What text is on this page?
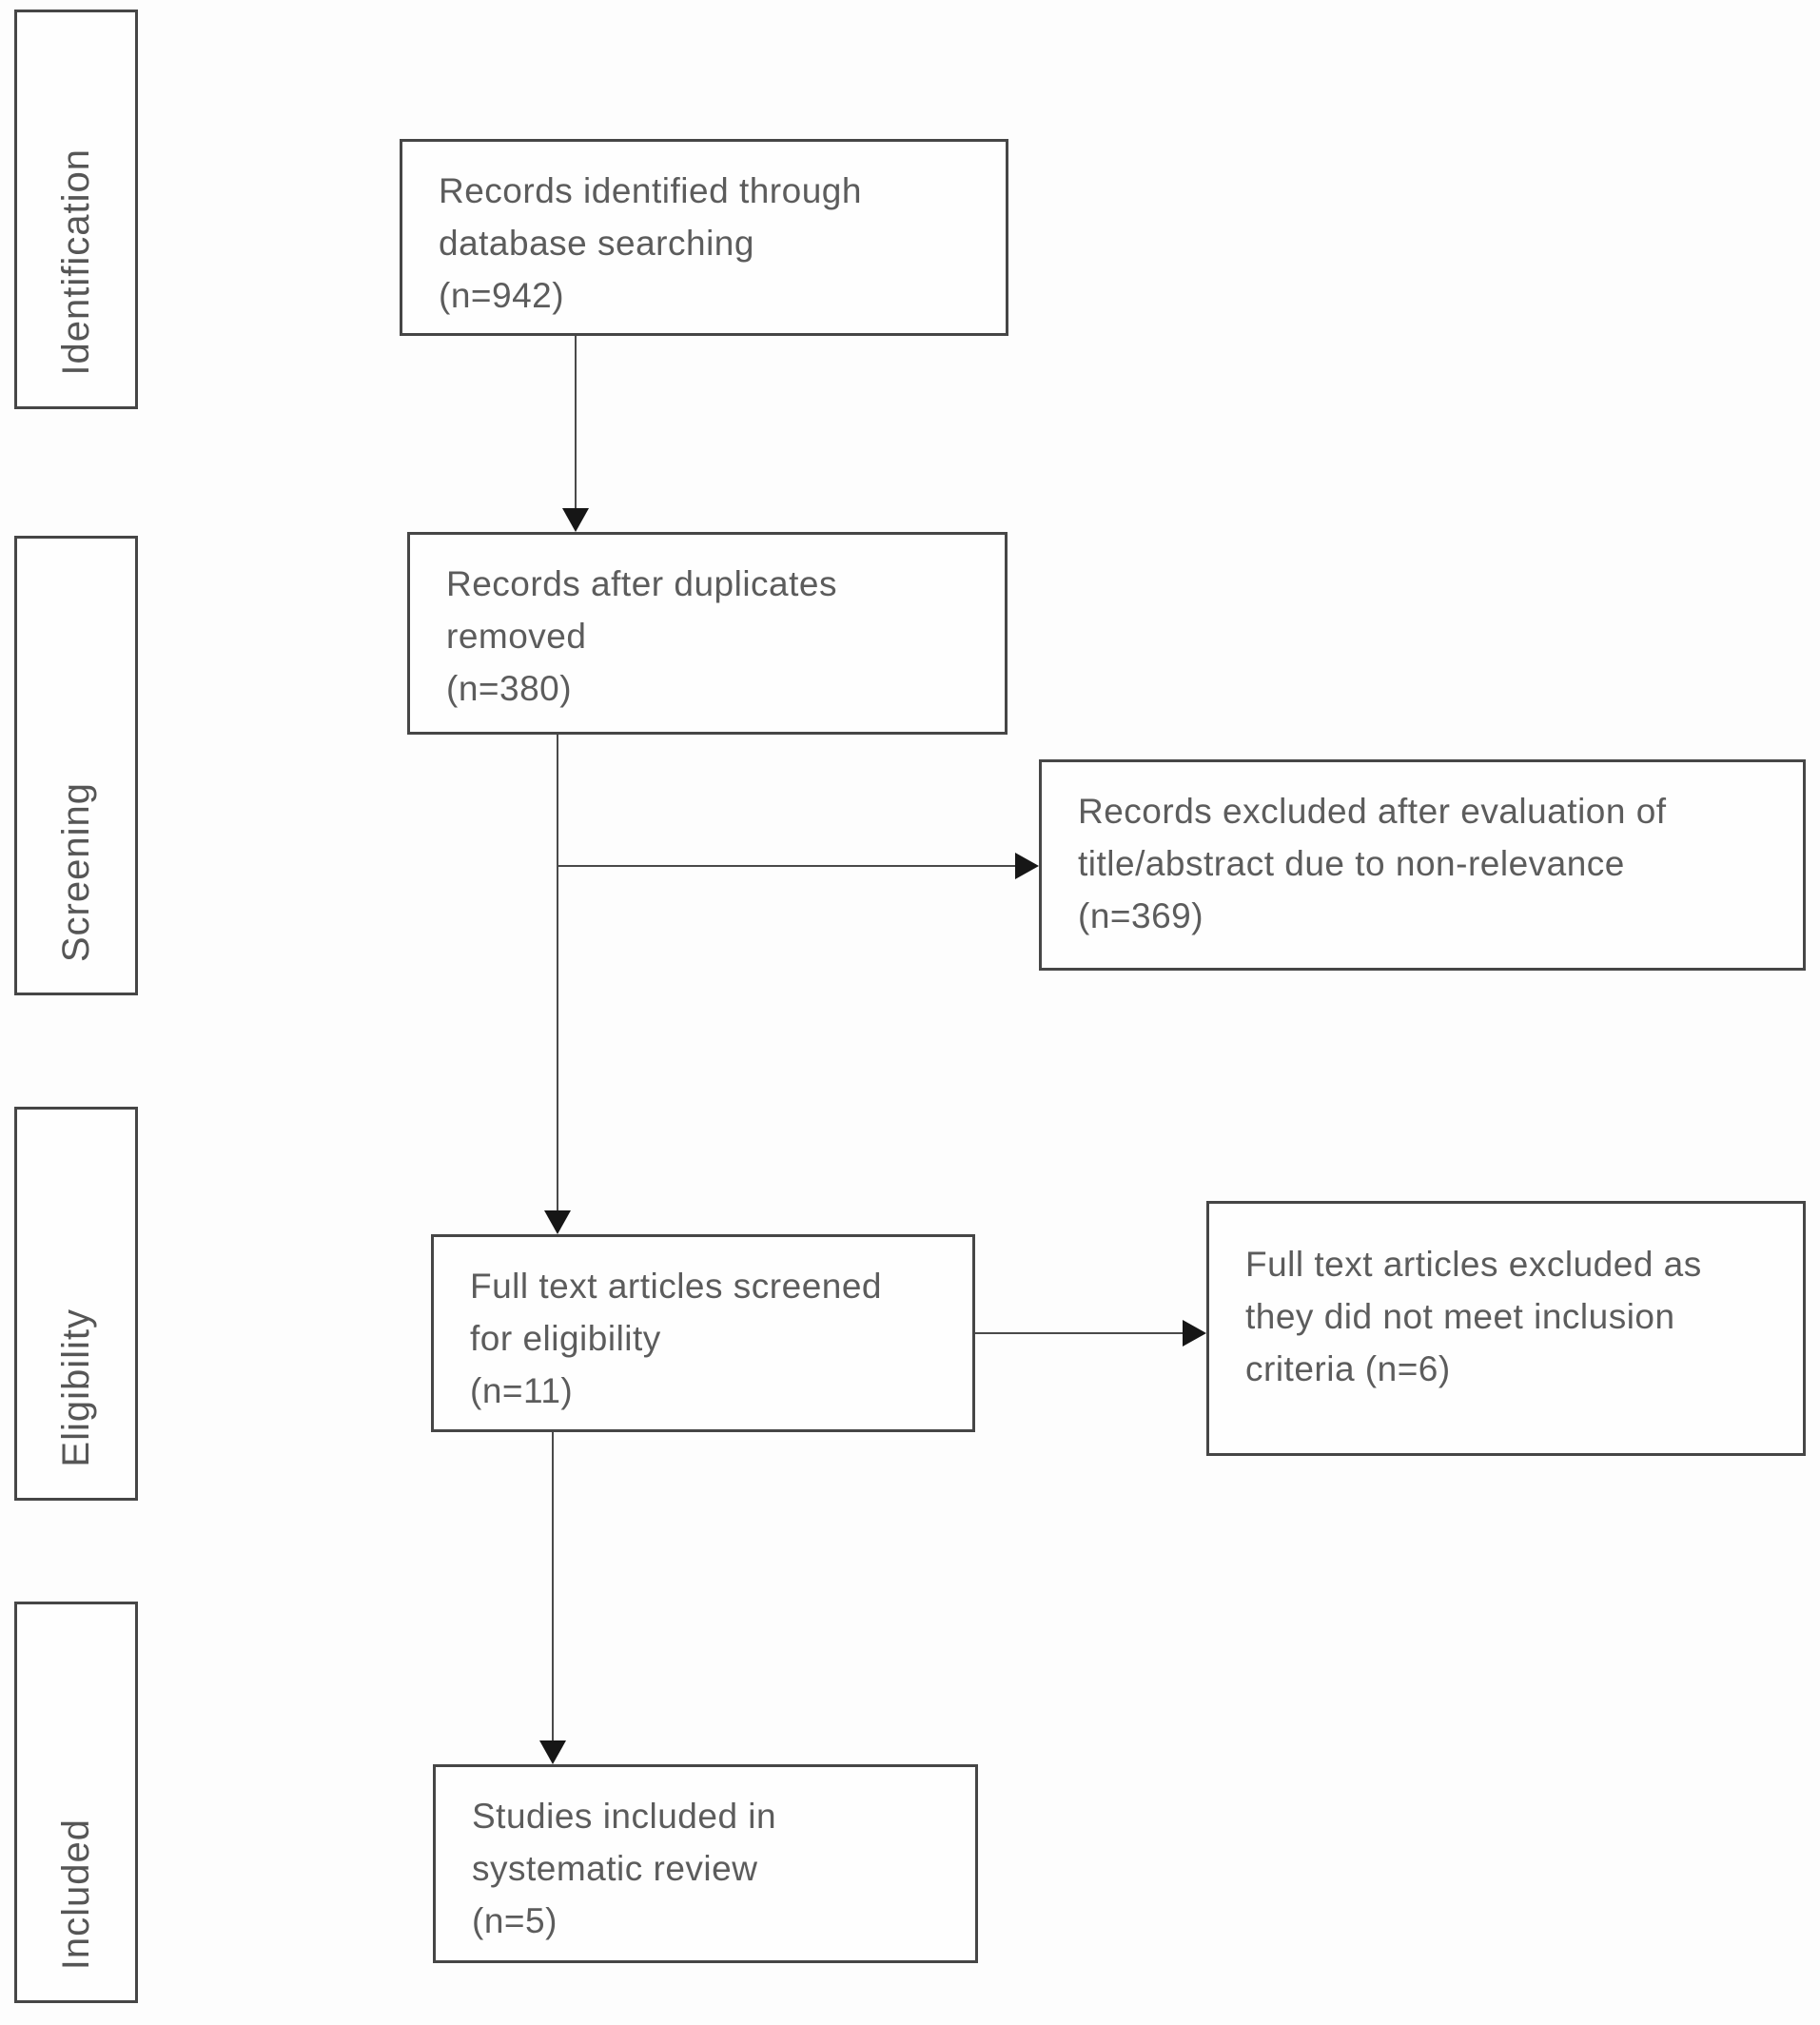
Identification
Screening
Eligibility
Included
Records identified through
database searching
(n=942)
Records after duplicates
removed
(n=380)
Records excluded after evaluation of
title/abstract due to non-relevance
(n=369)
Full text articles screened
for eligibility
(n=11)
Full text articles excluded as
they did not meet inclusion
criteria (n=6)
Studies included in
systematic review
(n=5)
